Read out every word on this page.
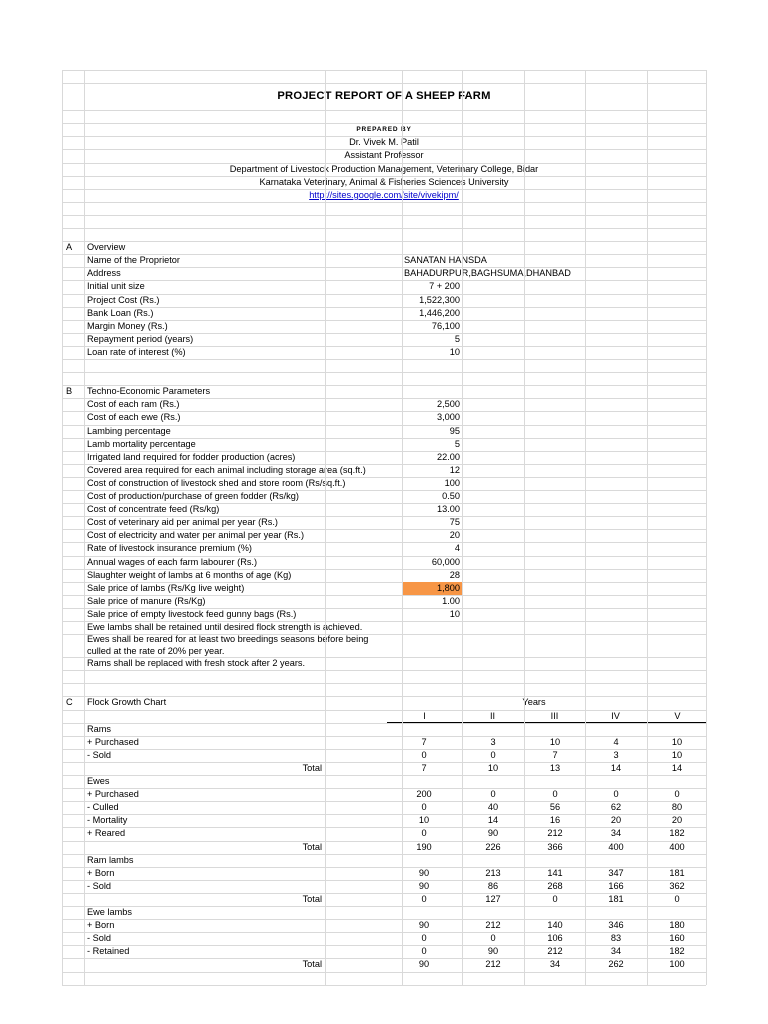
PROJECT REPORT OF A SHEEP FARM
PREPARED BY
Dr. Vivek M. Patil
Assistant Professor
Department of Livestock Production Management, Veterinary College, Bidar
Karnataka Veterinary, Animal & Fisheries Sciences University
http://sites.google.com/site/vivekipm/
A	Overview
Name of the Proprietor	SANATAN HANSDA
Address	BAHADURPUR,BAGHSUMA,DHANBAD
Initial unit size	7 + 200
Project Cost (Rs.)	1,522,300
Bank Loan (Rs.)	1,446,200
Margin Money (Rs.)	76,100
Repayment period (years)	5
Loan rate of interest (%)	10
B	Techno-Economic Parameters
Cost of each ram (Rs.)	2,500
Cost of each ewe (Rs.)	3,000
Lambing percentage	95
Lamb mortality percentage	5
Irrigated land required for fodder production (acres)	22.00
Covered area required for each animal including storage area (sq.ft.)	12
Cost of construction of livestock shed and store room (Rs/sq.ft.)	100
Cost of production/purchase of green fodder (Rs/kg)	0.50
Cost of concentrate feed (Rs/kg)	13.00
Cost of veterinary aid per animal per year (Rs.)	75
Cost of electricity and water per animal per year (Rs.)	20
Rate of livestock insurance premium (%)	4
Annual wages of each farm labourer (Rs.)	60,000
Slaughter weight of lambs at 6 months of age (Kg)	28
Sale price of lambs (Rs/Kg live weight)	1,800
Sale price of manure (Rs/Kg)	1.00
Sale price of empty livestock feed gunny bags (Rs.)	10
Ewe lambs shall be retained until desired flock strength is achieved.
Ewes shall be reared for at least two breedings seasons before being
culled at the rate of 20% per year.
Rams shall be replaced with fresh stock after 2 years.
C	Flock Growth Chart	Years
I	II	III	IV	V
Rams
+ Purchased	7	3	10	4	10
- Sold	0	0	7	3	10
Total	7	10	13	14	14
Ewes
+ Purchased	200	0	0	0	0
- Culled	0	40	56	62	80
- Mortality	10	14	16	20	20
+ Reared	0	90	212	34	182
Total	190	226	366	400	400
Ram lambs
+ Born	90	213	141	347	181
- Sold	90	86	268	166	362
Total	0	127	0	181	0
Ewe lambs
+ Born	90	212	140	346	180
- Sold	0	0	106	83	160
- Retained	0	90	212	34	182
Total	90	212	34	262	100
